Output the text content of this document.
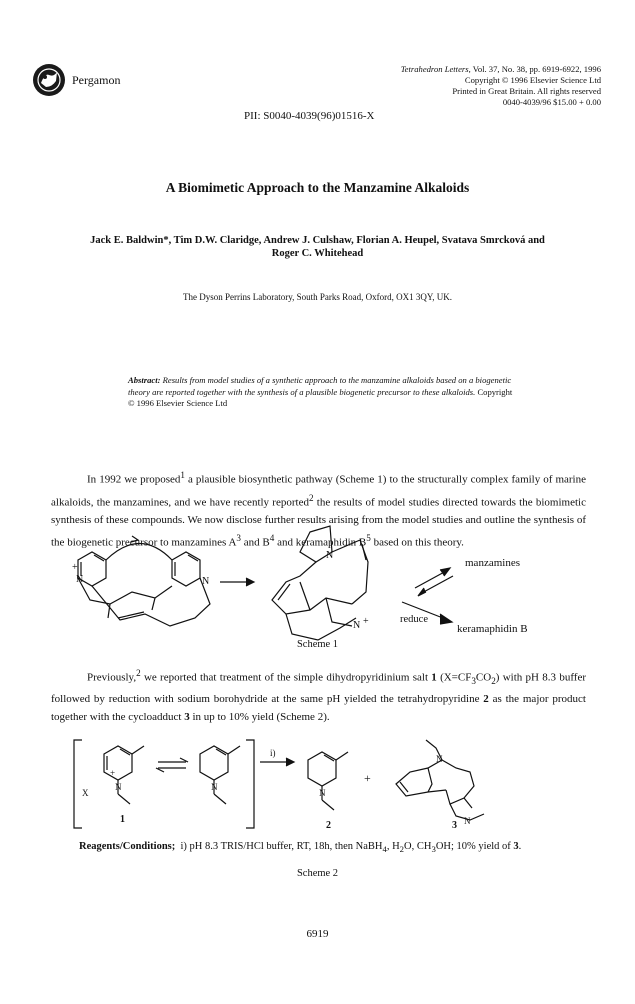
Pergamon
Tetrahedron Letters, Vol. 37, No. 38, pp. 6919-6922, 1996
Copyright © 1996 Elsevier Science Ltd
Printed in Great Britain. All rights reserved
0040-4039/96 $15.00 + 0.00
PII: S0040-4039(96)01516-X
A Biomimetic Approach to the Manzamine Alkaloids
Jack E. Baldwin*, Tim D.W. Claridge, Andrew J. Culshaw, Florian A. Heupel, Svatava Smrcková and
Roger C. Whitehead
The Dyson Perrins Laboratory, South Parks Road, Oxford, OX1 3QY, UK.
Abstract: Results from model studies of a synthetic approach to the manzamine alkaloids based on a biogenetic theory are reported together with the synthesis of a plausible biogenetic precursor to these alkaloids. Copyright © 1996 Elsevier Science Ltd
In 1992 we proposed$^1$ a plausible biosynthetic pathway (Scheme 1) to the structurally complex family of marine alkaloids, the manzamines, and we have recently reported$^2$ the results of model studies directed towards the biomimetic synthesis of these compounds. We now disclose further results arising from the model studies and outline the synthesis of the biogenetic precursor to manzamines $A^3$ and $B^4$ and keramaphidin $B^5$ based on this theory.
+
N	N
N
N +
manzamines
reduce
keramaphidin B
Scheme 1
Previously,$^2$ we reported that treatment of the simple dihydropyridinium salt 1 $(X=CF_3CO_2)$ with pH 8.3 buffer followed by reduction with sodium borohydride at the same pH yielded the tetrahydropyridine 2 as the major product together with the cycloadduct 3 in up to 10% yield (Scheme 2).
+
N
X
1
N
i)
N
2
+
N
N
3
Reagents/Conditions; i) pH 8.3 TRIS/HCl buffer, RT, 18h, then NaBH$_4$, $H_2O$, $CH_3OH$; 10% yield of 3.
Scheme 2
6919
